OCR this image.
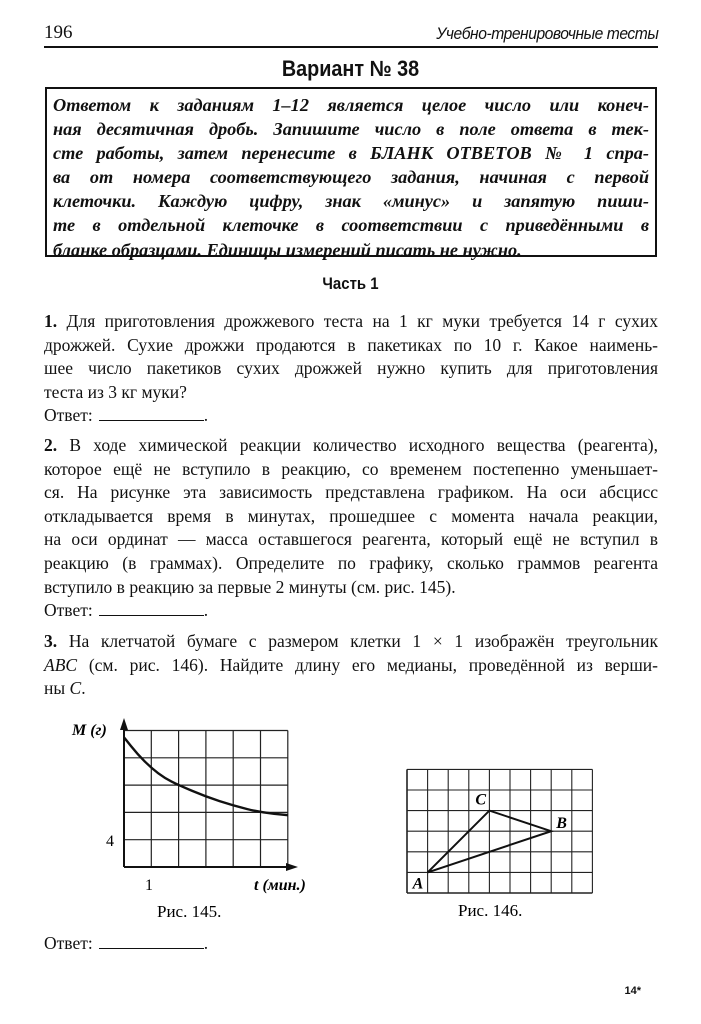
196	Учебно-тренировочные тесты
Вариант № 38
Ответом к заданиям 1–12 является целое число или конеч-
ная десятичная дробь. Запишите число в поле ответа в тек-
сте работы, затем перенесите в БЛАНК ОТВЕТОВ № 1 спра-
ва от номера соответствующего задания, начиная с первой
клеточки. Каждую цифру, знак «минус» и запятую пиши-
те в отдельной клеточке в соответствии с приведёнными в
бланке образцами. Единицы измерений писать не нужно.
Часть 1
1. Для приготовления дрожжевого теста на 1 кг муки требуется 14 г сухих
дрожжей. Сухие дрожжи продаются в пакетиках по 10 г. Какое наимень-
шее число пакетиков сухих дрожжей нужно купить для приготовления
теста из 3 кг муки?
Ответ:	.
2. В ходе химической реакции количество исходного вещества (реагента),
которое ещё не вступило в реакцию, со временем постепенно уменьшает-
ся. На рисунке эта зависимость представлена графиком. На оси абсцисс
откладывается время в минутах, прошедшее с момента начала реакции,
на оси ординат — масса оставшегося реагента, который ещё не вступил в
реакцию (в граммах). Определите по графику, сколько граммов реагента
вступило в реакцию за первые 2 минуты (см. рис. 145).
Ответ:	.
3. На клетчатой бумаге с размером клетки 1 × 1 изображён треугольник
ABC (см. рис. 146). Найдите длину его медианы, проведённой из верши-
ны C.
M (г)
t (мин.)
1
4
Рис. 145.
A
B
C
Рис. 146.
Ответ:	.
14*
